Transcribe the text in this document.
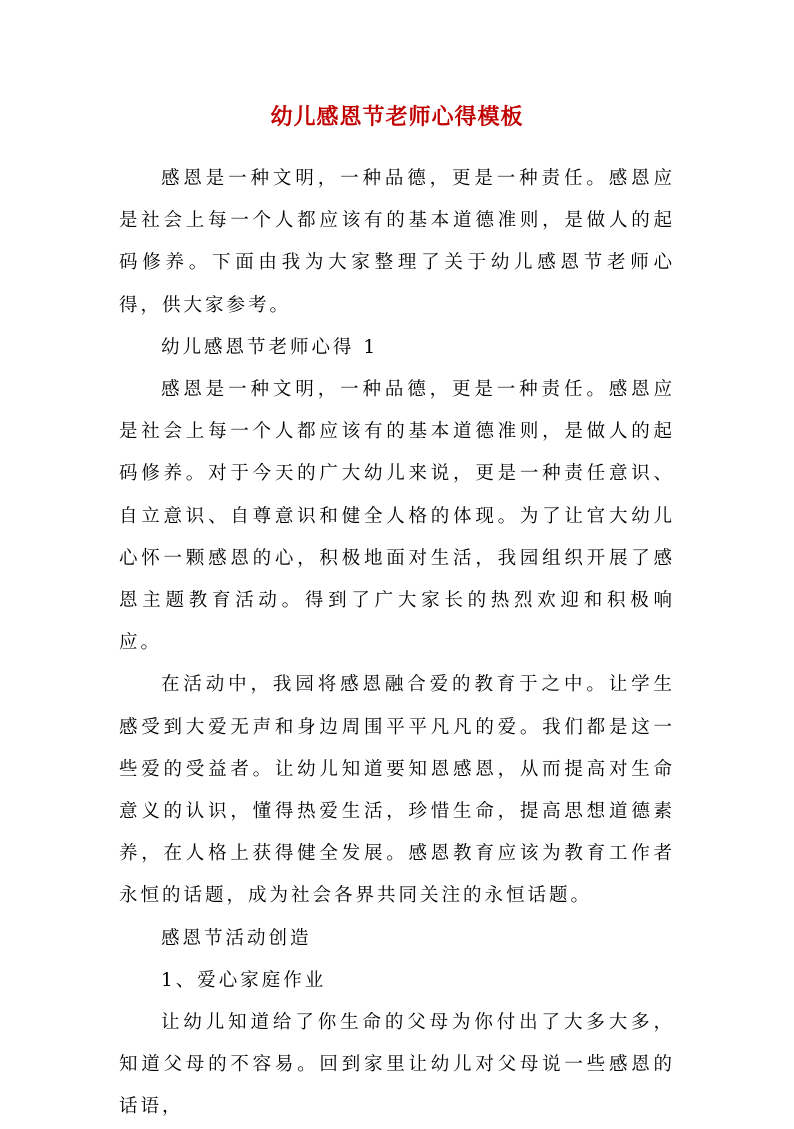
幼儿感恩节老师心得模板

感恩是一种文明，一种品德，更是一种责任。感恩应是社会上每一个人都应该有的基本道德准则，是做人的起码修养。下面由我为大家整理了关于幼儿感恩节老师心得，供大家参考。

幼儿感恩节老师心得 1

感恩是一种文明，一种品德，更是一种责任。感恩应是社会上每一个人都应该有的基本道德准则，是做人的起码修养。对于今天的广大幼儿来说，更是一种责任意识、自立意识、自尊意识和健全人格的体现。为了让官大幼儿心怀一颗感恩的心，积极地面对生活，我园组织开展了感恩主题教育活动。得到了广大家长的热烈欢迎和积极响应。

在活动中，我园将感恩融合爱的教育于之中。让学生感受到大爱无声和身边周围平平凡凡的爱。我们都是这一些爱的受益者。让幼儿知道要知恩感恩，从而提高对生命意义的认识，懂得热爱生活，珍惜生命，提高思想道德素养，在人格上获得健全发展。感恩教育应该为教育工作者永恒的话题，成为社会各界共同关注的永恒话题。

感恩节活动创造

1、爱心家庭作业

让幼儿知道给了你生命的父母为你付出了大多大多，知道父母的不容易。回到家里让幼儿对父母说一些感恩的话语，
